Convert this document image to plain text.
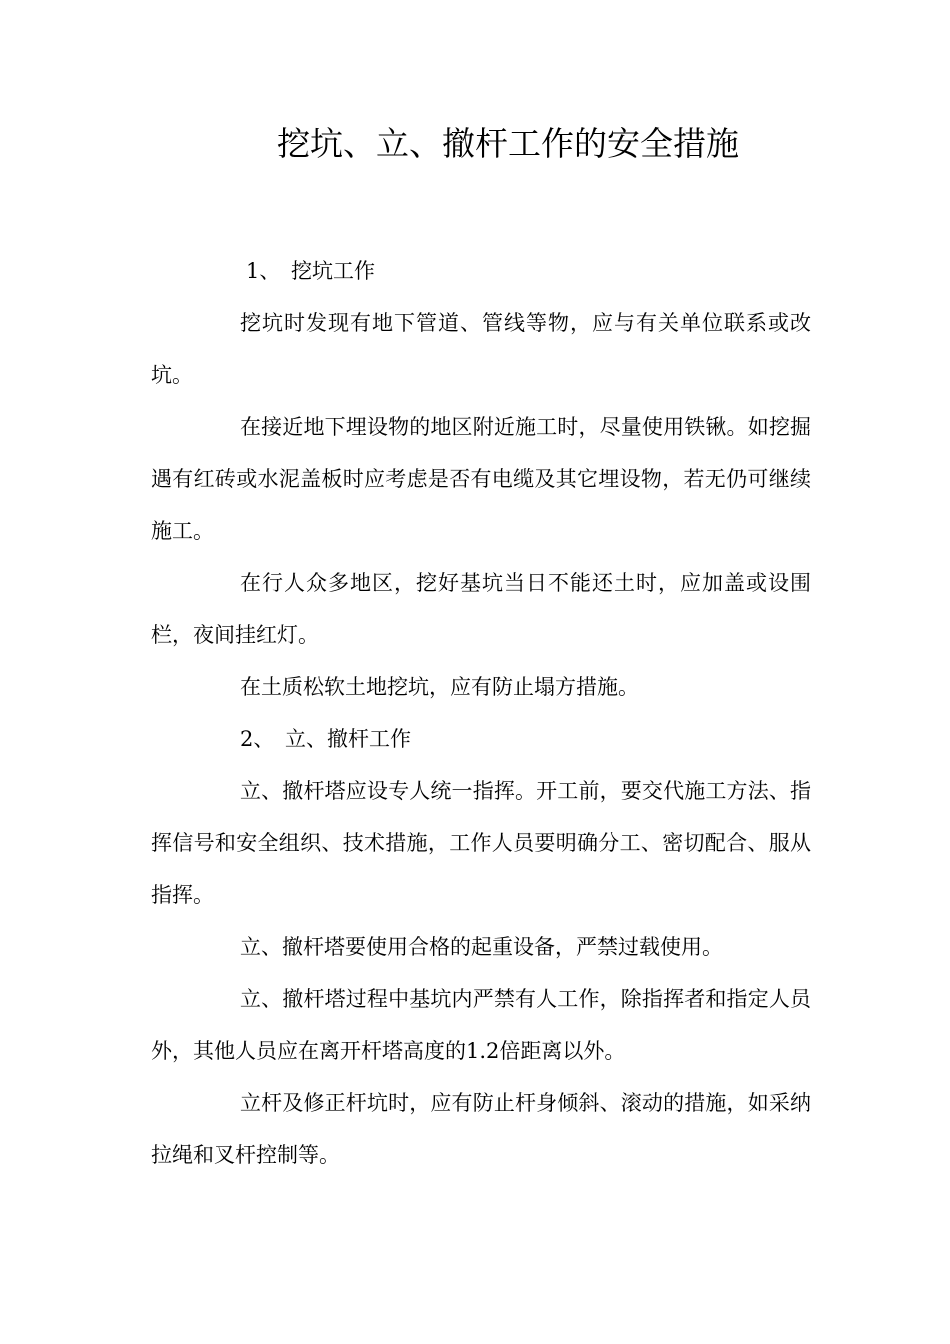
挖坑、立、撤杆工作的安全措施

1、 挖坑工作

挖坑时发现有地下管道、管线等物，应与有关单位联系或改坑。

在接近地下埋设物的地区附近施工时，尽量使用铁锹。如挖掘遇有红砖或水泥盖板时应考虑是否有电缆及其它埋设物，若无仍可继续施工。

在行人众多地区，挖好基坑当日不能还土时，应加盖或设围栏，夜间挂红灯。

在土质松软土地挖坑，应有防止塌方措施。

2、 立、撤杆工作

立、撤杆塔应设专人统一指挥。开工前，要交代施工方法、指挥信号和安全组织、技术措施，工作人员要明确分工、密切配合、服从指挥。

立、撤杆塔要使用合格的起重设备，严禁过载使用。

立、撤杆塔过程中基坑内严禁有人工作，除指挥者和指定人员外，其他人员应在离开杆塔高度的1.2倍距离以外。

立杆及修正杆坑时，应有防止杆身倾斜、滚动的措施，如采纳拉绳和叉杆控制等。
